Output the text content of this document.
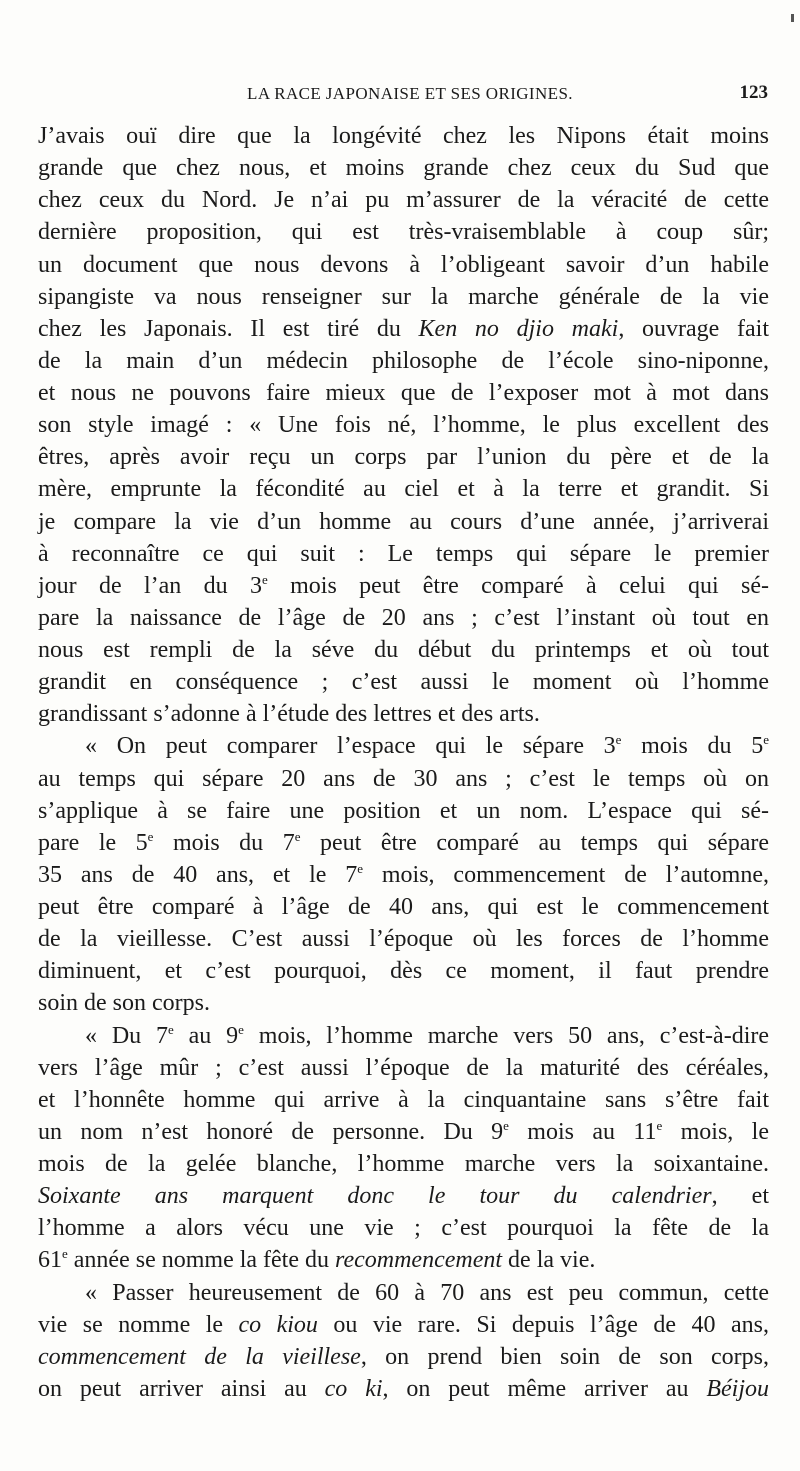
LA RACE JAPONAISE ET SES ORIGINES.	123
J’avais ouï dire que la longévité chez les Nipons était moins
grande que chez nous, et moins grande chez ceux du Sud que
chez ceux du Nord. Je n’ai pu m’assurer de la véracité de cette
dernière proposition, qui est très-vraisemblable à coup sûr;
un document que nous devons à l’obligeant savoir d’un habile
sipangiste va nous renseigner sur la marche générale de la vie
chez les Japonais. Il est tiré du Ken no djio maki, ouvrage fait
de la main d’un médecin philosophe de l’école sino-niponne,
et nous ne pouvons faire mieux que de l’exposer mot à mot dans
son style imagé : « Une fois né, l’homme, le plus excellent des
êtres, après avoir reçu un corps par l’union du père et de la
mère, emprunte la fécondité au ciel et à la terre et grandit. Si
je compare la vie d’un homme au cours d’une année, j’arriverai
à reconnaître ce qui suit : Le temps qui sépare le premier
jour de l’an du 3e mois peut être comparé à celui qui sé-
pare la naissance de l’âge de 20 ans ; c’est l’instant où tout en
nous est rempli de la séve du début du printemps et où tout
grandit en conséquence ; c’est aussi le moment où l’homme
grandissant s’adonne à l’étude des lettres et des arts.
« On peut comparer l’espace qui le sépare 3e mois du 5e
au temps qui sépare 20 ans de 30 ans ; c’est le temps où on
s’applique à se faire une position et un nom. L’espace qui sé-
pare le 5e mois du 7e peut être comparé au temps qui sépare
35 ans de 40 ans, et le 7e mois, commencement de l’automne,
peut être comparé à l’âge de 40 ans, qui est le commencement
de la vieillesse. C’est aussi l’époque où les forces de l’homme
diminuent, et c’est pourquoi, dès ce moment, il faut prendre
soin de son corps.
« Du 7e au 9e mois, l’homme marche vers 50 ans, c’est-à-dire
vers l’âge mûr ; c’est aussi l’époque de la maturité des céréales,
et l’honnête homme qui arrive à la cinquantaine sans s’être fait
un nom n’est honoré de personne. Du 9e mois au 11e mois, le
mois de la gelée blanche, l’homme marche vers la soixantaine.
Soixante ans marquent donc le tour du calendrier, et
l’homme a alors vécu une vie ; c’est pourquoi la fête de la
61e année se nomme la fête du recommencement de la vie.
« Passer heureusement de 60 à 70 ans est peu commun, cette
vie se nomme le co kiou ou vie rare. Si depuis l’âge de 40 ans,
commencement de la vieillese, on prend bien soin de son corps,
on peut arriver ainsi au co ki, on peut même arriver au Béijou
